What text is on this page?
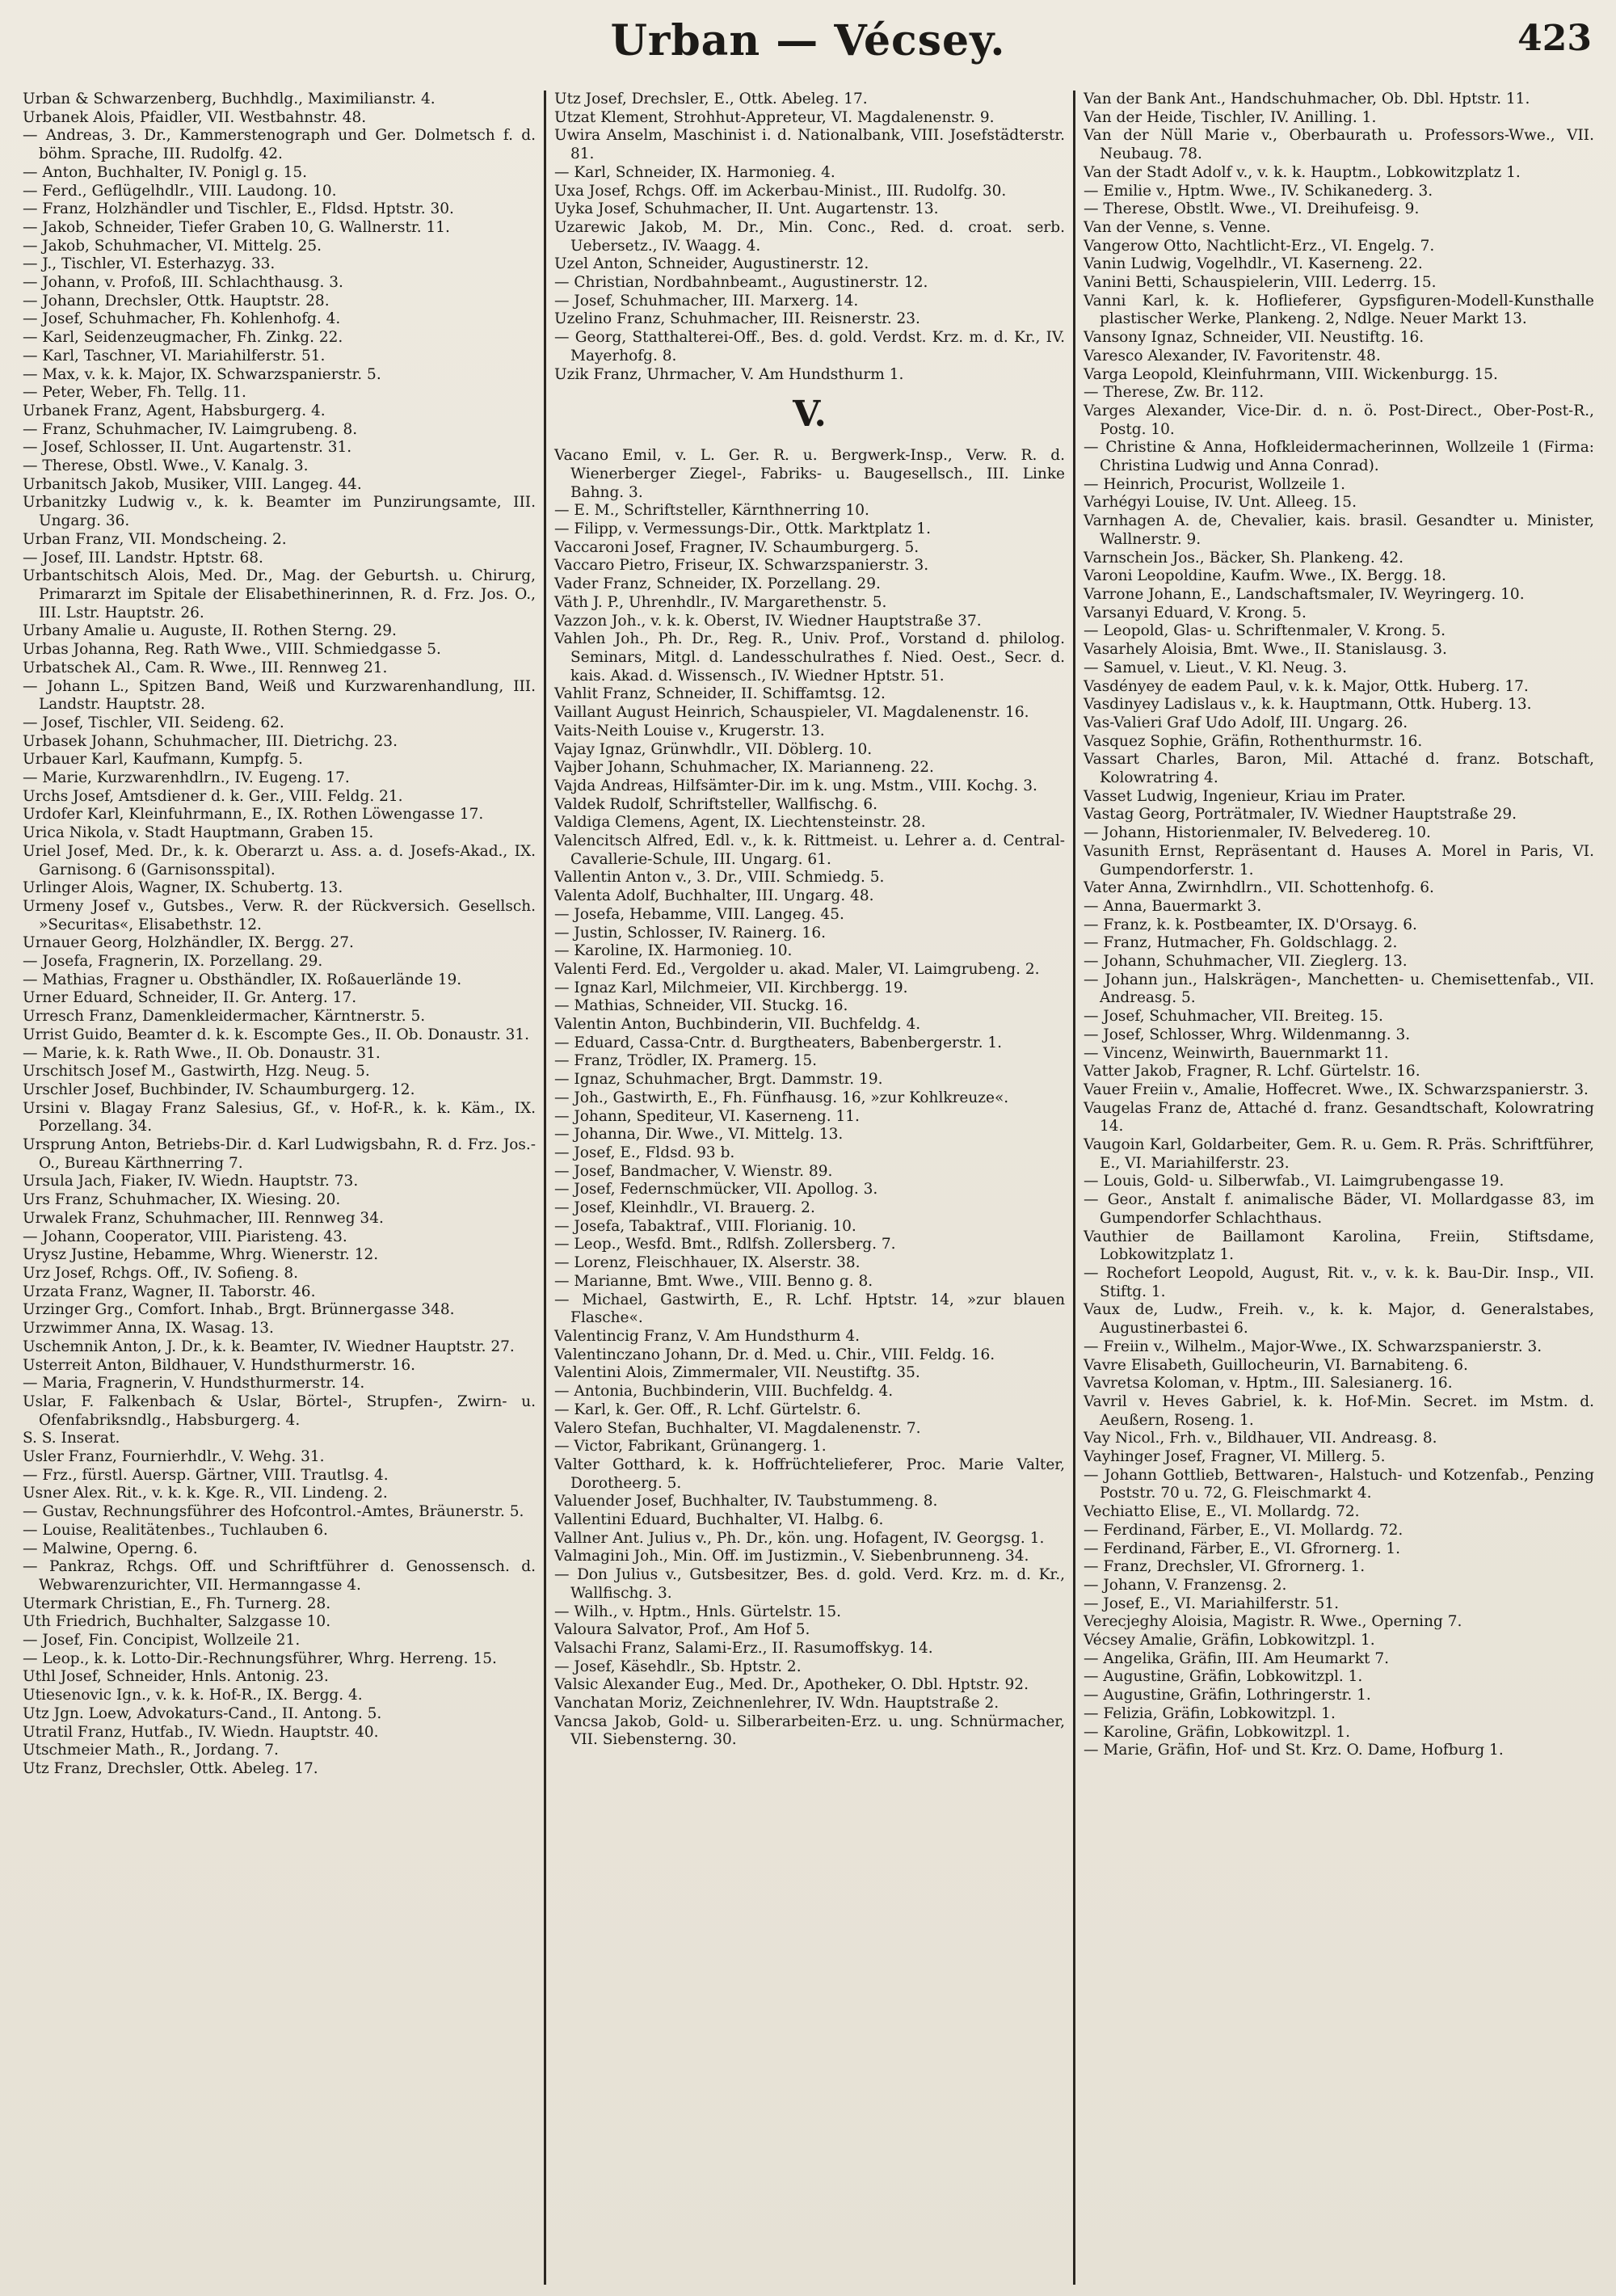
Urban — Vécsey.	423
Urban & Schwarzenberg, Buchhdlg., Maximilianstr. 4.
Urbanek Alois, Pfaidler, VII. Westbahnstr. 48.
— Andreas, 3. Dr., Kammerstenograph und Ger. Dolmetsch f. d. böhm. Sprache, III. Rudolfg. 42.
— Anton, Buchhalter, IV. Ponigl g. 15.
— Ferd., Geflügelhdlr., VIII. Laudong. 10.
— Franz, Holzhändler und Tischler, E., Fldsd. Hptstr. 30.
— Jakob, Schneider, Tiefer Graben 10, G. Wallnerstr. 11.
— Jakob, Schuhmacher, VI. Mittelg. 25.
— J., Tischler, VI. Esterhazyg. 33.
— Johann, v. Profoß, III. Schlachthausg. 3.
— Johann, Drechsler, Ottk. Hauptstr. 28.
— Josef, Schuhmacher, Fh. Kohlenhofg. 4.
— Karl, Seidenzeugmacher, Fh. Zinkg. 22.
— Karl, Taschner, VI. Mariahilferstr. 51.
— Max, v. k. k. Major, IX. Schwarzspanierstr. 5.
— Peter, Weber, Fh. Tellg. 11.
Urbanek Franz, Agent, Habsburgerg. 4.
— Franz, Schuhmacher, IV. Laimgrubeng. 8.
— Josef, Schlosser, II. Unt. Augartenstr. 31.
— Therese, Obstl. Wwe., V. Kanalg. 3.
Urbanitsch Jakob, Musiker, VIII. Langeg. 44.
Urbanitzky Ludwig v., k. k. Beamter im Punzirungsamte, III. Ungarg. 36.
Urban Franz, VII. Mondscheing. 2.
— Josef, III. Landstr. Hptstr. 68.
Urbantschitsch Alois, Med. Dr., Mag. der Geburtsh. u. Chirurg, Primararzt im Spitale der Elisabethinerinnen, R. d. Frz. Jos. O., III. Lstr. Hauptstr. 26.
Urbany Amalie u. Auguste, II. Rothen Sterng. 29.
Urbas Johanna, Reg. Rath Wwe., VIII. Schmiedgasse 5.
Urbatschek Al., Cam. R. Wwe., III. Rennweg 21.
— Johann L., Spitzen Band, Weiß und Kurzwarenhandlung, III. Landstr. Hauptstr. 28.
— Josef, Tischler, VII. Seideng. 62.
Urbasek Johann, Schuhmacher, III. Dietrichg. 23.
Urbauer Karl, Kaufmann, Kumpfg. 5.
— Marie, Kurzwarenhdlrn., IV. Eugeng. 17.
Urchs Josef, Amtsdiener d. k. Ger., VIII. Feldg. 21.
Urdofer Karl, Kleinfuhrmann, E., IX. Rothen Löwengasse 17.
Urica Nikola, v. Stadt Hauptmann, Graben 15.
Uriel Josef, Med. Dr., k. k. Oberarzt u. Ass. a. d. Josefs-Akad., IX. Garnisong. 6 (Garnisonsspital).
Urlinger Alois, Wagner, IX. Schubertg. 13.
Urmeny Josef v., Gutsbes., Verw. R. der Rückversich. Gesellsch. »Securitas«, Elisabethstr. 12.
Urnauer Georg, Holzhändler, IX. Bergg. 27.
— Josefa, Fragnerin, IX. Porzellang. 29.
— Mathias, Fragner u. Obsthändler, IX. Roßauerlände 19.
Urner Eduard, Schneider, II. Gr. Anterg. 17.
Urresch Franz, Damenkleidermacher, Kärntnerstr. 5.
Urrist Guido, Beamter d. k. k. Escompte Ges., II. Ob. Donaustr. 31.
— Marie, k. k. Rath Wwe., II. Ob. Donaustr. 31.
Urschitsch Josef M., Gastwirth, Hzg. Neug. 5.
Urschler Josef, Buchbinder, IV. Schaumburgerg. 12.
Ursini v. Blagay Franz Salesius, Gf., v. Hof-R., k. k. Käm., IX. Porzellang. 34.
Ursprung Anton, Betriebs-Dir. d. Karl Ludwigsbahn, R. d. Frz. Jos.-O., Bureau Kärthnerring 7.
Ursula Jach, Fiaker, IV. Wiedn. Hauptstr. 73.
Urs Franz, Schuhmacher, IX. Wiesing. 20.
Urwalek Franz, Schuhmacher, III. Rennweg 34.
— Johann, Cooperator, VIII. Piaristeng. 43.
Urysz Justine, Hebamme, Whrg. Wienerstr. 12.
Urz Josef, Rchgs. Off., IV. Sofieng. 8.
Urzata Franz, Wagner, II. Taborstr. 46.
Urzinger Grg., Comfort. Inhab., Brgt. Brünnergasse 348.
Urzwimmer Anna, IX. Wasag. 13.
Uschemnik Anton, J. Dr., k. k. Beamter, IV. Wiedner Hauptstr. 27.
Usterreit Anton, Bildhauer, V. Hundsthurmerstr. 16.
— Maria, Fragnerin, V. Hundsthurmerstr. 14.
Uslar, F. Falkenbach & Uslar, Börtel-, Strupfen-, Zwirn- u. Ofenfabriksndlg., Habsburgerg. 4.
S. S. Inserat.
Usler Franz, Fournierhdlr., V. Wehg. 31.
— Frz., fürstl. Auersp. Gärtner, VIII. Trautlsg. 4.
Usner Alex. Rit., v. k. k. Kge. R., VII. Lindeng. 2.
— Gustav, Rechnungsführer des Hofcontrol.-Amtes, Bräunerstr. 5.
— Louise, Realitätenbes., Tuchlauben 6.
— Malwine, Operng. 6.
— Pankraz, Rchgs. Off. und Schriftführer d. Genossensch. d. Webwarenzurichter, VII. Hermanngasse 4.
Utermark Christian, E., Fh. Turnerg. 28.
Uth Friedrich, Buchhalter, Salzgasse 10.
— Josef, Fin. Concipist, Wollzeile 21.
— Leop., k. k. Lotto-Dir.-Rechnungsführer, Whrg. Herreng. 15.
Uthl Josef, Schneider, Hnls. Antonig. 23.
Utiesenovic Ign., v. k. k. Hof-R., IX. Bergg. 4.
Utz Jgn. Loew, Advokaturs-Cand., II. Antong. 5.
Utratil Franz, Hutfab., IV. Wiedn. Hauptstr. 40.
Utschmeier Math., R., Jordang. 7.
Utz Franz, Drechsler, Ottk. Abeleg. 17.
Utz Josef, Drechsler, E., Ottk. Abeleg. 17.
Utzat Klement, Strohhut-Appreteur, VI. Magdalenenstr. 9.
Uwira Anselm, Maschinist i. d. Nationalbank, VIII. Josefstädterstr. 81.
— Karl, Schneider, IX. Harmonieg. 4.
Uxa Josef, Rchgs. Off. im Ackerbau-Minist., III. Rudolfg. 30.
Uyka Josef, Schuhmacher, II. Unt. Augartenstr. 13.
Uzarewic Jakob, M. Dr., Min. Conc., Red. d. croat. serb. Uebersetz., IV. Waagg. 4.
Uzel Anton, Schneider, Augustinerstr. 12.
— Christian, Nordbahnbeamt., Augustinerstr. 12.
— Josef, Schuhmacher, III. Marxerg. 14.
Uzelino Franz, Schuhmacher, III. Reisnerstr. 23.
— Georg, Statthalterei-Off., Bes. d. gold. Verdst. Krz. m. d. Kr., IV. Mayerhofg. 8.
Uzik Franz, Uhrmacher, V. Am Hundsthurm 1.
V.
Vacano Emil, v. L. Ger. R. u. Bergwerk-Insp., Verw. R. d. Wienerberger Ziegel-, Fabriks- u. Baugesellsch., III. Linke Bahng. 3.
— E. M., Schriftsteller, Kärnthnerring 10.
— Filipp, v. Vermessungs-Dir., Ottk. Marktplatz 1.
Vaccaroni Josef, Fragner, IV. Schaumburgerg. 5.
Vaccaro Pietro, Friseur, IX. Schwarzspanierstr. 3.
Vader Franz, Schneider, IX. Porzellang. 29.
Väth J. P., Uhrenhdlr., IV. Margarethenstr. 5.
Vazzon Joh., v. k. k. Oberst, IV. Wiedner Hauptstraße 37.
Vahlen Joh., Ph. Dr., Reg. R., Univ. Prof., Vorstand d. philolog. Seminars, Mitgl. d. Landesschulrathes f. Nied. Oest., Secr. d. kais. Akad. d. Wissensch., IV. Wiedner Hptstr. 51.
Vahlit Franz, Schneider, II. Schiffamtsg. 12.
Vaillant August Heinrich, Schauspieler, VI. Magdalenenstr. 16.
Vaits-Neith Louise v., Krugerstr. 13.
Vajay Ignaz, Grünwhdlr., VII. Döblerg. 10.
Vajber Johann, Schuhmacher, IX. Marianneng. 22.
Vajda Andreas, Hilfsämter-Dir. im k. ung. Mstm., VIII. Kochg. 3.
Valdek Rudolf, Schriftsteller, Wallfischg. 6.
Valdiga Clemens, Agent, IX. Liechtensteinstr. 28.
Valencitsch Alfred, Edl. v., k. k. Rittmeist. u. Lehrer a. d. Central-Cavallerie-Schule, III. Ungarg. 61.
Vallentin Anton v., 3. Dr., VIII. Schmiedg. 5.
Valenta Adolf, Buchhalter, III. Ungarg. 48.
— Josefa, Hebamme, VIII. Langeg. 45.
— Justin, Schlosser, IV. Rainerg. 16.
— Karoline, IX. Harmonieg. 10.
Valenti Ferd. Ed., Vergolder u. akad. Maler, VI. Laimgrubeng. 2.
— Ignaz Karl, Milchmeier, VII. Kirchbergg. 19.
— Mathias, Schneider, VII. Stuckg. 16.
Valentin Anton, Buchbinderin, VII. Buchfeldg. 4.
— Eduard, Cassa-Cntr. d. Burgtheaters, Babenbergerstr. 1.
— Franz, Trödler, IX. Pramerg. 15.
— Ignaz, Schuhmacher, Brgt. Dammstr. 19.
— Joh., Gastwirth, E., Fh. Fünfhausg. 16, »zur Kohlkreuze«.
— Johann, Spediteur, VI. Kaserneng. 11.
— Johanna, Dir. Wwe., VI. Mittelg. 13.
— Josef, E., Fldsd. 93 b.
— Josef, Bandmacher, V. Wienstr. 89.
— Josef, Federnschmücker, VII. Apollog. 3.
— Josef, Kleinhdlr., VI. Brauerg. 2.
— Josefa, Tabaktraf., VIII. Florianig. 10.
— Leop., Wesfd. Bmt., Rdlfsh. Zollersberg. 7.
— Lorenz, Fleischhauer, IX. Alserstr. 38.
— Marianne, Bmt. Wwe., VIII. Benno g. 8.
— Michael, Gastwirth, E., R. Lchf. Hptstr. 14, »zur blauen Flasche«.
Valentincig Franz, V. Am Hundsthurm 4.
Valentinczano Johann, Dr. d. Med. u. Chir., VIII. Feldg. 16.
Valentini Alois, Zimmermaler, VII. Neustiftg. 35.
— Antonia, Buchbinderin, VIII. Buchfeldg. 4.
— Karl, k. Ger. Off., R. Lchf. Gürtelstr. 6.
Valero Stefan, Buchhalter, VI. Magdalenenstr. 7.
— Victor, Fabrikant, Grünangerg. 1.
Valter Gotthard, k. k. Hoffrüchtelieferer, Proc. Marie Valter, Dorotheerg. 5.
Valuender Josef, Buchhalter, IV. Taubstummeng. 8.
Vallentini Eduard, Buchhalter, VI. Halbg. 6.
Vallner Ant. Julius v., Ph. Dr., kön. ung. Hofagent, IV. Georgsg. 1.
Valmagini Joh., Min. Off. im Justizmin., V. Siebenbrunneng. 34.
— Don Julius v., Gutsbesitzer, Bes. d. gold. Verd. Krz. m. d. Kr., Wallfischg. 3.
— Wilh., v. Hptm., Hnls. Gürtelstr. 15.
Valoura Salvator, Prof., Am Hof 5.
Valsachi Franz, Salami-Erz., II. Rasumoffskyg. 14.
— Josef, Käsehdlr., Sb. Hptstr. 2.
Valsic Alexander Eug., Med. Dr., Apotheker, O. Dbl. Hptstr. 92.
Vanchatan Moriz, Zeichnenlehrer, IV. Wdn. Hauptstraße 2.
Vancsa Jakob, Gold- u. Silberarbeiten-Erz. u. ung. Schnürmacher, VII. Siebensterng. 30.
Van der Bank Ant., Handschuhmacher, Ob. Dbl. Hptstr. 11.
Van der Heide, Tischler, IV. Anilling. 1.
Van der Nüll Marie v., Oberbaurath u. Professors-Wwe., VII. Neubaug. 78.
Van der Stadt Adolf v., v. k. k. Hauptm., Lobkowitzplatz 1.
— Emilie v., Hptm. Wwe., IV. Schikanederg. 3.
— Therese, Obstlt. Wwe., VI. Dreihufeisg. 9.
Van der Venne, s. Venne.
Vangerow Otto, Nachtlicht-Erz., VI. Engelg. 7.
Vanin Ludwig, Vogelhdlr., VI. Kaserneng. 22.
Vanini Betti, Schauspielerin, VIII. Lederrg. 15.
Vanni Karl, k. k. Hoflieferer, Gypsfiguren-Modell-Kunsthalle plastischer Werke, Plankeng. 2, Ndlge. Neuer Markt 13.
Vansony Ignaz, Schneider, VII. Neustiftg. 16.
Varesco Alexander, IV. Favoritenstr. 48.
Varga Leopold, Kleinfuhrmann, VIII. Wickenburgg. 15.
— Therese, Zw. Br. 112.
Varges Alexander, Vice-Dir. d. n. ö. Post-Direct., Ober-Post-R., Postg. 10.
— Christine & Anna, Hofkleidermacherinnen, Wollzeile 1 (Firma: Christina Ludwig und Anna Conrad).
— Heinrich, Procurist, Wollzeile 1.
Varhégyi Louise, IV. Unt. Alleeg. 15.
Varnhagen A. de, Chevalier, kais. brasil. Gesandter u. Minister, Wallnerstr. 9.
Varnschein Jos., Bäcker, Sh. Plankeng. 42.
Varoni Leopoldine, Kaufm. Wwe., IX. Bergg. 18.
Varrone Johann, E., Landschaftsmaler, IV. Weyringerg. 10.
Varsanyi Eduard, V. Krong. 5.
— Leopold, Glas- u. Schriftenmaler, V. Krong. 5.
Vasarhely Aloisia, Bmt. Wwe., II. Stanislausg. 3.
— Samuel, v. Lieut., V. Kl. Neug. 3.
Vasdényey de eadem Paul, v. k. k. Major, Ottk. Huberg. 17.
Vasdinyey Ladislaus v., k. k. Hauptmann, Ottk. Huberg. 13.
Vas-Valieri Graf Udo Adolf, III. Ungarg. 26.
Vasquez Sophie, Gräfin, Rothenthurmstr. 16.
Vassart Charles, Baron, Mil. Attaché d. franz. Botschaft, Kolowratring 4.
Vasset Ludwig, Ingenieur, Kriau im Prater.
Vastag Georg, Porträtmaler, IV. Wiedner Hauptstraße 29.
— Johann, Historienmaler, IV. Belvedereg. 10.
Vasunith Ernst, Repräsentant d. Hauses A. Morel in Paris, VI. Gumpendorferstr. 1.
Vater Anna, Zwirnhdlrn., VII. Schottenhofg. 6.
— Anna, Bauermarkt 3.
— Franz, k. k. Postbeamter, IX. D'Orsayg. 6.
— Franz, Hutmacher, Fh. Goldschlagg. 2.
— Johann, Schuhmacher, VII. Zieglerg. 13.
— Johann jun., Halskrägen-, Manchetten- u. Chemisettenfab., VII. Andreasg. 5.
— Josef, Schuhmacher, VII. Breiteg. 15.
— Josef, Schlosser, Whrg. Wildenmanng. 3.
— Vincenz, Weinwirth, Bauernmarkt 11.
Vatter Jakob, Fragner, R. Lchf. Gürtelstr. 16.
Vauer Freiin v., Amalie, Hoffecret. Wwe., IX. Schwarzspanierstr. 3.
Vaugelas Franz de, Attaché d. franz. Gesandtschaft, Kolowratring 14.
Vaugoin Karl, Goldarbeiter, Gem. R. u. Gem. R. Präs. Schriftführer, E., VI. Mariahilferstr. 23.
— Louis, Gold- u. Silberwfab., VI. Laimgrubengasse 19.
— Geor., Anstalt f. animalische Bäder, VI. Mollardgasse 83, im Gumpendorfer Schlachthaus.
Vauthier de Baillamont Karolina, Freiin, Stiftsdame, Lobkowitzplatz 1.
— Rochefort Leopold, August, Rit. v., v. k. k. Bau-Dir. Insp., VII. Stiftg. 1.
Vaux de, Ludw., Freih. v., k. k. Major, d. Generalstabes, Augustinerbastei 6.
— Freiin v., Wilhelm., Major-Wwe., IX. Schwarzspanierstr. 3.
Vavre Elisabeth, Guillocheurin, VI. Barnabiteng. 6.
Vavretsa Koloman, v. Hptm., III. Salesianerg. 16.
Vavril v. Heves Gabriel, k. k. Hof-Min. Secret. im Mstm. d. Aeußern, Roseng. 1.
Vay Nicol., Frh. v., Bildhauer, VII. Andreasg. 8.
Vayhinger Josef, Fragner, VI. Millerg. 5.
— Johann Gottlieb, Bettwaren-, Halstuch- und Kotzenfab., Penzing Poststr. 70 u. 72, G. Fleischmarkt 4.
Vechiatto Elise, E., VI. Mollardg. 72.
— Ferdinand, Färber, E., VI. Mollardg. 72.
— Ferdinand, Färber, E., VI. Gfrornerg. 1.
— Franz, Drechsler, VI. Gfrornerg. 1.
— Johann, V. Franzensg. 2.
— Josef, E., VI. Mariahilferstr. 51.
Verecjeghy Aloisia, Magistr. R. Wwe., Operning 7.
Vécsey Amalie, Gräfin, Lobkowitzpl. 1.
— Angelika, Gräfin, III. Am Heumarkt 7.
— Augustine, Gräfin, Lobkowitzpl. 1.
— Augustine, Gräfin, Lothringerstr. 1.
— Felizia, Gräfin, Lobkowitzpl. 1.
— Karoline, Gräfin, Lobkowitzpl. 1.
— Marie, Gräfin, Hof- und St. Krz. O. Dame, Hofburg 1.
